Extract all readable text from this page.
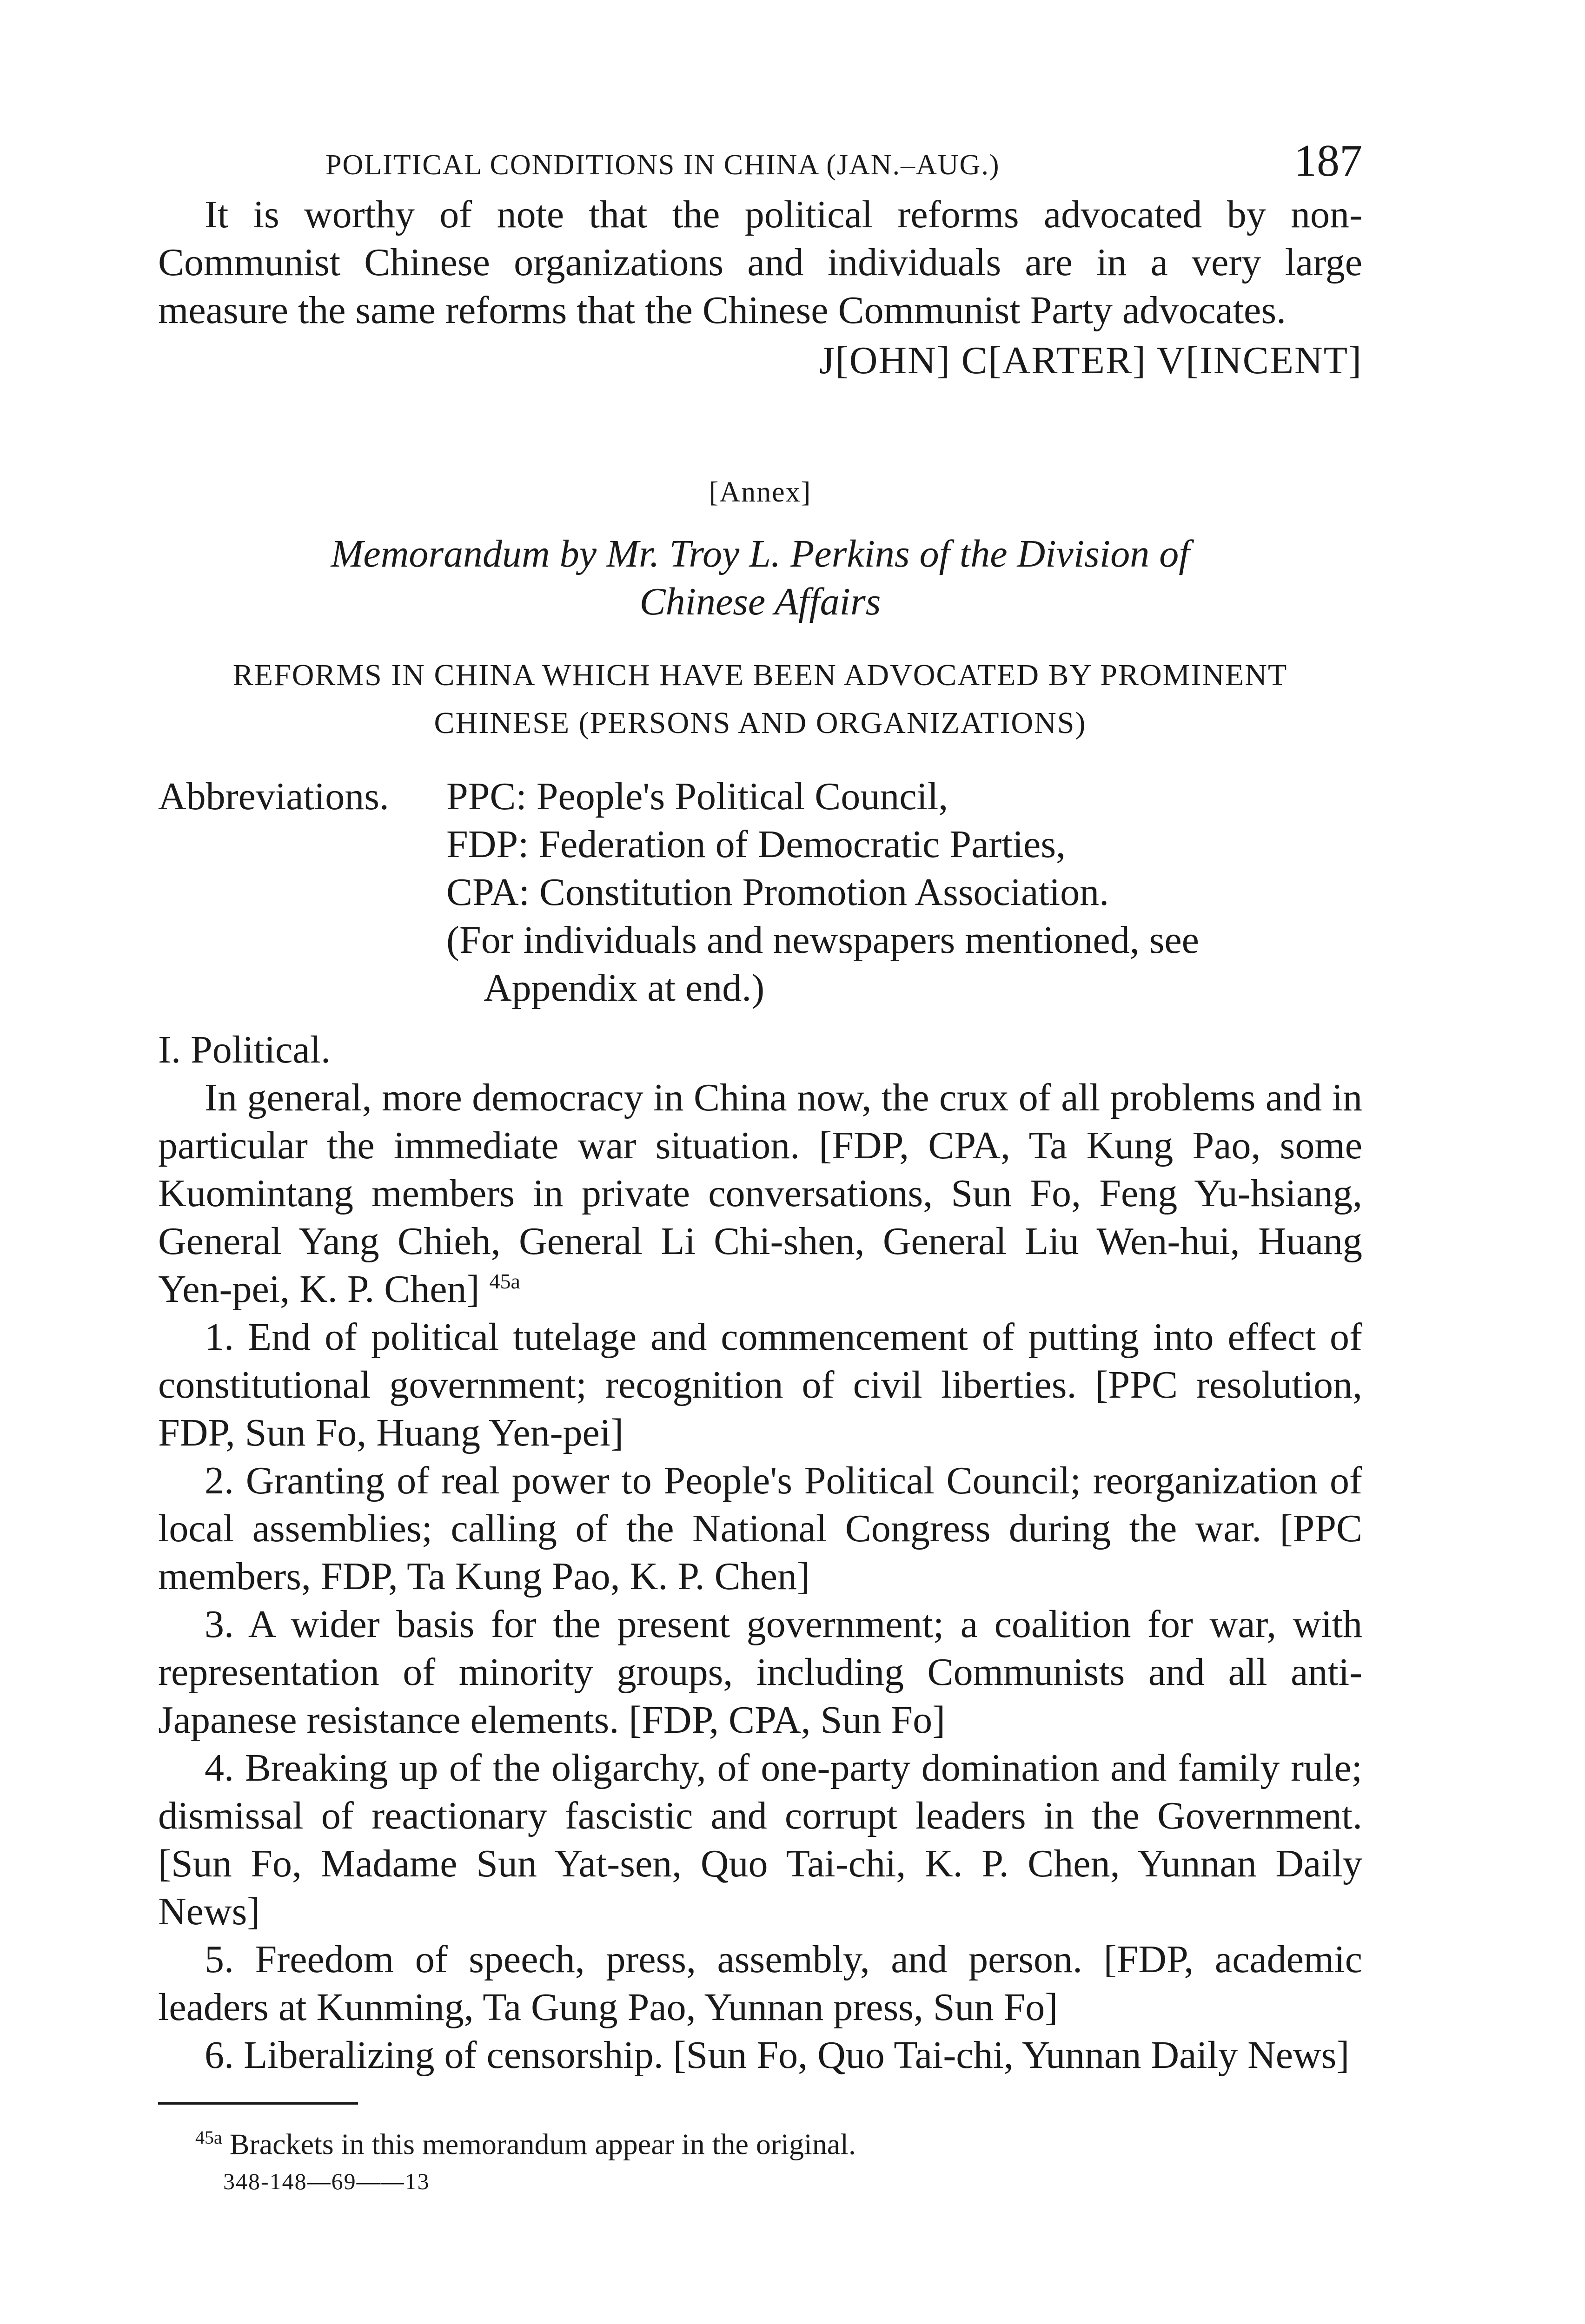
POLITICAL CONDITIONS IN CHINA (JAN.–AUG.)	187

It is worthy of note that the political reforms advocated by non-Communist Chinese organizations and individuals are in a very large measure the same reforms that the Chinese Communist Party advocates.

J[OHN] C[ARTER] V[INCENT]
[Annex]
Memorandum by Mr. Troy L. Perkins of the Division of
Chinese Affairs
REFORMS IN CHINA WHICH HAVE BEEN ADVOCATED BY PROMINENT
CHINESE (PERSONS AND ORGANIZATIONS)
Abbreviations.	PPC: People's Political Council,
FDP: Federation of Democratic Parties,
CPA: Constitution Promotion Association.
(For individuals and newspapers mentioned, see
Appendix at end.)
I. Political.

In general, more democracy in China now, the crux of all problems and in particular the immediate war situation. [FDP, CPA, Ta Kung Pao, some Kuomintang members in private conversations, Sun Fo, Feng Yu-hsiang, General Yang Chieh, General Li Chi-shen, General Liu Wen-hui, Huang Yen-pei, K. P. Chen] $^{45a}$

1. End of political tutelage and commencement of putting into effect of constitutional government; recognition of civil liberties. [PPC resolution, FDP, Sun Fo, Huang Yen-pei]

2. Granting of real power to People's Political Council; reorganization of local assemblies; calling of the National Congress during the war. [PPC members, FDP, Ta Kung Pao, K. P. Chen]

3. A wider basis for the present government; a coalition for war, with representation of minority groups, including Communists and all anti-Japanese resistance elements. [FDP, CPA, Sun Fo]

4. Breaking up of the oligarchy, of one-party domination and family rule; dismissal of reactionary fascistic and corrupt leaders in the Government. [Sun Fo, Madame Sun Yat-sen, Quo Tai-chi, K. P. Chen, Yunnan Daily News]

5. Freedom of speech, press, assembly, and person. [FDP, academic leaders at Kunming, Ta Gung Pao, Yunnan press, Sun Fo]

6. Liberalizing of censorship. [Sun Fo, Quo Tai-chi, Yunnan Daily News]

$^{45a}$ Brackets in this memorandum appear in the original.
348-148—69——13
